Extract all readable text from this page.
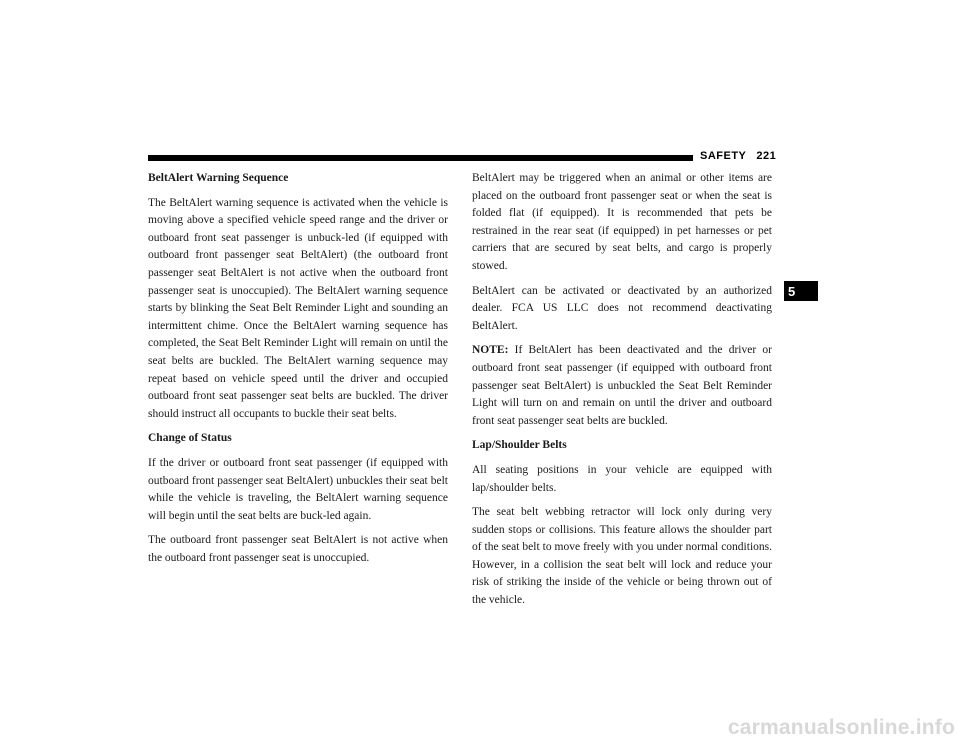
SAFETY 221
5
BeltAlert Warning Sequence

The BeltAlert warning sequence is activated when the vehicle is moving above a specified vehicle speed range and the driver or outboard front seat passenger is unbuck-led (if equipped with outboard front passenger seat BeltAlert) (the outboard front passenger seat BeltAlert is not active when the outboard front passenger seat is unoccupied). The BeltAlert warning sequence starts by blinking the Seat Belt Reminder Light and sounding an intermittent chime. Once the BeltAlert warning sequence has completed, the Seat Belt Reminder Light will remain on until the seat belts are buckled. The BeltAlert warning sequence may repeat based on vehicle speed until the driver and occupied outboard front seat passenger seat belts are buckled. The driver should instruct all occupants to buckle their seat belts.

Change of Status

If the driver or outboard front seat passenger (if equipped with outboard front passenger seat BeltAlert) unbuckles their seat belt while the vehicle is traveling, the BeltAlert warning sequence will begin until the seat belts are buck-led again.

The outboard front passenger seat BeltAlert is not active when the outboard front passenger seat is unoccupied.

BeltAlert may be triggered when an animal or other items are placed on the outboard front passenger seat or when the seat is folded flat (if equipped). It is recommended that pets be restrained in the rear seat (if equipped) in pet harnesses or pet carriers that are secured by seat belts, and cargo is properly stowed.

BeltAlert can be activated or deactivated by an authorized dealer. FCA US LLC does not recommend deactivating BeltAlert.

NOTE: If BeltAlert has been deactivated and the driver or outboard front seat passenger (if equipped with outboard front passenger seat BeltAlert) is unbuckled the Seat Belt Reminder Light will turn on and remain on until the driver and outboard front seat passenger seat belts are buckled.

Lap/Shoulder Belts

All seating positions in your vehicle are equipped with lap/shoulder belts.

The seat belt webbing retractor will lock only during very sudden stops or collisions. This feature allows the shoulder part of the seat belt to move freely with you under normal conditions. However, in a collision the seat belt will lock and reduce your risk of striking the inside of the vehicle or being thrown out of the vehicle.

carmanualsonline.info
